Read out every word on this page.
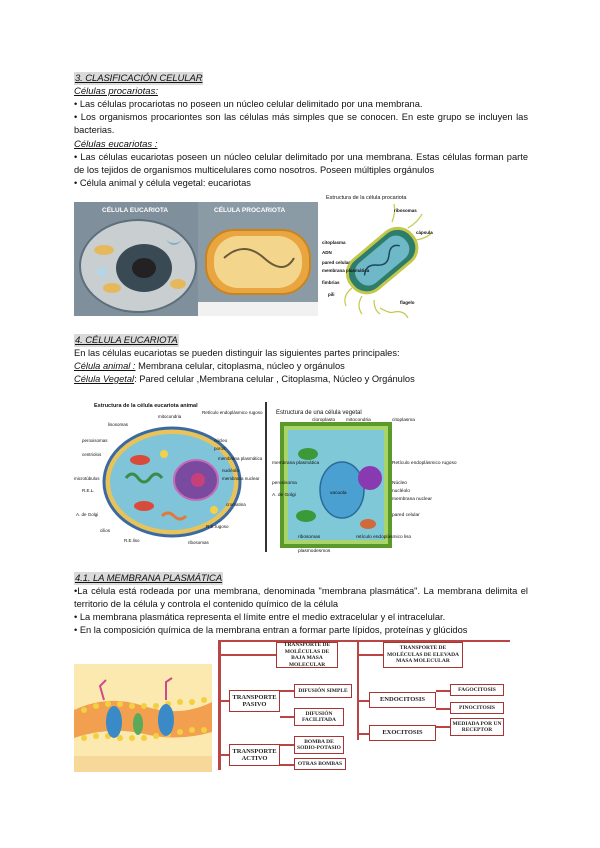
3. CLASIFICACIÓN CELULAR

Células procariotas:

• Las células procariotas no poseen un núcleo celular delimitado por una membrana.

• Los organismos procariontes son las células más simples que se conocen. En este grupo se incluyen las bacterias.

Células eucariotas :

• Las células eucariotas poseen un núcleo celular delimitado por una membrana. Estas células forman parte de los tejidos de organismos multicelulares como nosotros. Poseen múltiples orgánulos

• Célula animal y célula vegetal: eucariotas

CÉLULA EUCARIOTA	CÉLULA PROCARIOTA
Estructura de la célula procariota
ribosomas
cápsula
citoplasma
ADN
pared celular
membrana plasmática
fimbrias
pili
flagelo

4. CÉLULA EUCARIOTA

En las células eucariotas se pueden distinguir las siguientes partes principales:

Célula animal : Membrana celular, citoplasma, núcleo y orgánulos

Célula Vegetal: Pared celular ,Membrana celular , Citoplasma, Núcleo y Orgánulos

Estructura de la célula eucariota animal
mitocondria
Retículo endoplásmico rugoso
lisosomas
núcleo
poros
peroxisomas
membrana plasmática
centriolos
nucléolo
membrana nuclear
microtúbulos
R.E.L.
cromatina
A. de Golgi
R.E.rugoso
cilios
R.E.liso	ribosomas
Estructura de una célula vegetal
cloroplasto mitocondria	citoplasma
membrana plasmática	Retículo endoplásmico rugoso
peroxisoma	Núcleo
nucléolo
membrana nuclear
A. de Golgi	vacuola
pared celular
ribosomas	retículo endoplásmico liso
plasmodesmos

4.1. LA MEMBRANA PLASMÁTICA

•La célula está rodeada por una membrana, denominada "membrana plasmática". La membrana delimita el territorio de la célula y controla el contenido químico de la célula

• La membrana plasmática representa el límite entre el medio extracelular y el intracelular.

• En la composición química de la membrana entran a formar parte lípidos, proteínas y glúcidos

TRANSPORTE DE MOLÉCULAS DE BAJA MASA MOLECULAR
TRANSPORTE DE MOLÉCULAS DE ELEVADA MASA MOLECULAR
TRANSPORTE PASIVO
TRANSPORTE ACTIVO
DIFUSIÓN SIMPLE
DIFUSIÓN FACILITADA
BOMBA DE SODIO-POTASIO
OTRAS BOMBAS
ENDOCITOSIS
EXOCITOSIS
FAGOCITOSIS
PINOCITOSIS
MEDIADA POR UN RECEPTOR
